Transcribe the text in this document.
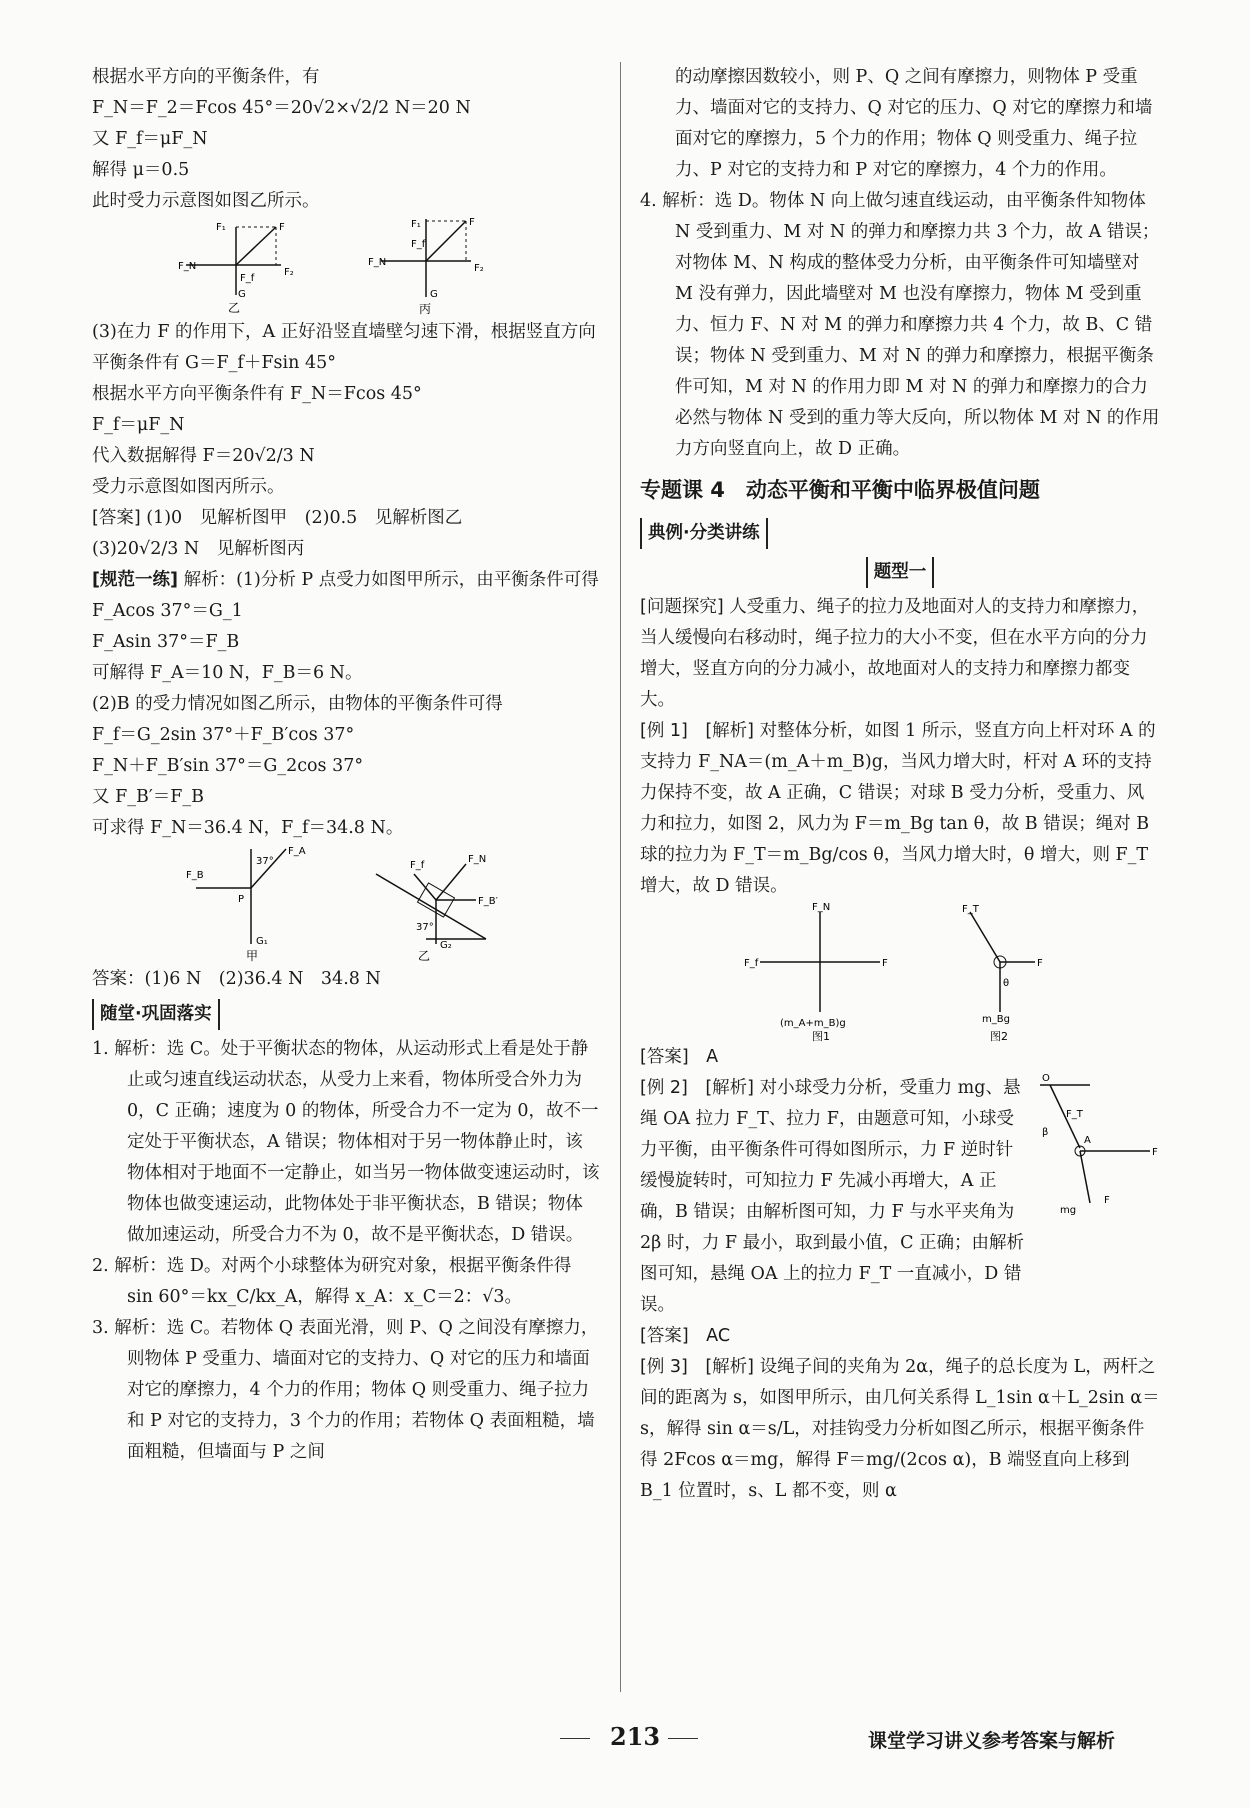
根据水平方向的平衡条件，有

F_N＝F_2＝Fcos 45°＝20√2×√2/2 N＝20 N

又 F_f＝μF_N

解得 μ＝0.5

此时受力示意图如图乙所示。

F₁	F
F_N
F₂
F_f
G
乙
F₁
F_f
F
F_N
F₂
G
丙

(3)在力 F 的作用下，A 正好沿竖直墙壁匀速下滑，根据竖直方向平衡条件有 G＝F_f＋Fsin 45°

根据水平方向平衡条件有 F_N＝Fcos 45°

F_f＝μF_N

代入数据解得 F＝20√2/3 N

受力示意图如图丙所示。

[答案] (1)0　见解析图甲　(2)0.5　见解析图乙

(3)20√2/3 N　见解析图丙

[规范一练] 解析：(1)分析 P 点受力如图甲所示，由平衡条件可得 F_Acos 37°＝G_1

F_Asin 37°＝F_B

可解得 F_A＝10 N，F_B＝6 N。

(2)B 的受力情况如图乙所示，由物体的平衡条件可得

F_f＝G_2sin 37°＋F_B′cos 37°

F_N＋F_B′sin 37°＝G_2cos 37°

又 F_B′＝F_B

可求得 F_N＝36.4 N，F_f＝34.8 N。

F_B
37°
F_A
P
G₁
甲
F_f
F_N
F_B′
37°
G₂
乙

答案：(1)6 N　(2)36.4 N　34.8 N

随堂·巩固落实

1. 解析：选 C。处于平衡状态的物体，从运动形式上看是处于静止或匀速直线运动状态，从受力上来看，物体所受合外力为 0，C 正确；速度为 0 的物体，所受合力不一定为 0，故不一定处于平衡状态，A 错误；物体相对于另一物体静止时，该物体相对于地面不一定静止，如当另一物体做变速运动时，该物体也做变速运动，此物体处于非平衡状态，B 错误；物体做加速运动，所受合力不为 0，故不是平衡状态，D 错误。

2. 解析：选 D。对两个小球整体为研究对象，根据平衡条件得 sin 60°＝kx_C/kx_A，解得 x_A：x_C＝2：√3。

3. 解析：选 C。若物体 Q 表面光滑，则 P、Q 之间没有摩擦力，则物体 P 受重力、墙面对它的支持力、Q 对它的压力和墙面对它的摩擦力，4 个力的作用；物体 Q 则受重力、绳子拉力和 P 对它的支持力，3 个力的作用；若物体 Q 表面粗糙，墙面粗糙，但墙面与 P 之间

的动摩擦因数较小，则 P、Q 之间有摩擦力，则物体 P 受重力、墙面对它的支持力、Q 对它的压力、Q 对它的摩擦力和墙面对它的摩擦力，5 个力的作用；物体 Q 则受重力、绳子拉力、P 对它的支持力和 P 对它的摩擦力，4 个力的作用。

4. 解析：选 D。物体 N 向上做匀速直线运动，由平衡条件知物体 N 受到重力、M 对 N 的弹力和摩擦力共 3 个力，故 A 错误；对物体 M、N 构成的整体受力分析，由平衡条件可知墙壁对 M 没有弹力，因此墙壁对 M 也没有摩擦力，物体 M 受到重力、恒力 F、N 对 M 的弹力和摩擦力共 4 个力，故 B、C 错误；物体 N 受到重力、M 对 N 的弹力和摩擦力，根据平衡条件可知，M 对 N 的作用力即 M 对 N 的弹力和摩擦力的合力必然与物体 N 受到的重力等大反向，所以物体 M 对 N 的作用力方向竖直向上，故 D 正确。

专题课 4　动态平衡和平衡中临界极值问题
典例·分类讲练
题型一

[问题探究] 人受重力、绳子的拉力及地面对人的支持力和摩擦力，当人缓慢向右移动时，绳子拉力的大小不变，但在水平方向的分力增大，竖直方向的分力减小，故地面对人的支持力和摩擦力都变大。

[例 1]　[解析] 对整体分析，如图 1 所示，竖直方向上杆对环 A 的支持力 F_NA＝(m_A＋m_B)g，当风力增大时，杆对 A 环的支持力保持不变，故 A 正确，C 错误；对球 B 受力分析，受重力、风力和拉力，如图 2，风力为 F＝m_Bg tan θ，故 B 错误；绳对 B 球的拉力为 F_T＝m_Bg/cos θ，当风力增大时，θ 增大，则 F_T 增大，故 D 错误。

F_N
F_f	F
(m_A+m_B)g
图1
F_T
F
θ
m_Bg
图2

[答案]　A

O
F_T
β
A
F
mg
F

[例 2]　[解析] 对小球受力分析，受重力 mg、悬绳 OA 拉力 F_T、拉力 F，由题意可知，小球受力平衡，由平衡条件可得如图所示，力 F 逆时针缓慢旋转时，可知拉力 F 先减小再增大，A 正确，B 错误；由解析图可知，力 F 与水平夹角为 2β 时，力 F 最小，取到最小值，C 正确；由解析图可知，悬绳 OA 上的拉力 F_T 一直减小，D 错误。

[答案]　AC

[例 3]　[解析] 设绳子间的夹角为 2α，绳子的总长度为 L，两杆之间的距离为 s，如图甲所示，由几何关系得 L_1sin α＋L_2sin α＝s，解得 sin α＝s/L，对挂钩受力分析如图乙所示，根据平衡条件得 2Fcos α＝mg，解得 F＝mg/(2cos α)，B 端竖直向上移到 B_1 位置时，s、L 都不变，则 α

213	课堂学习讲义参考答案与解析
